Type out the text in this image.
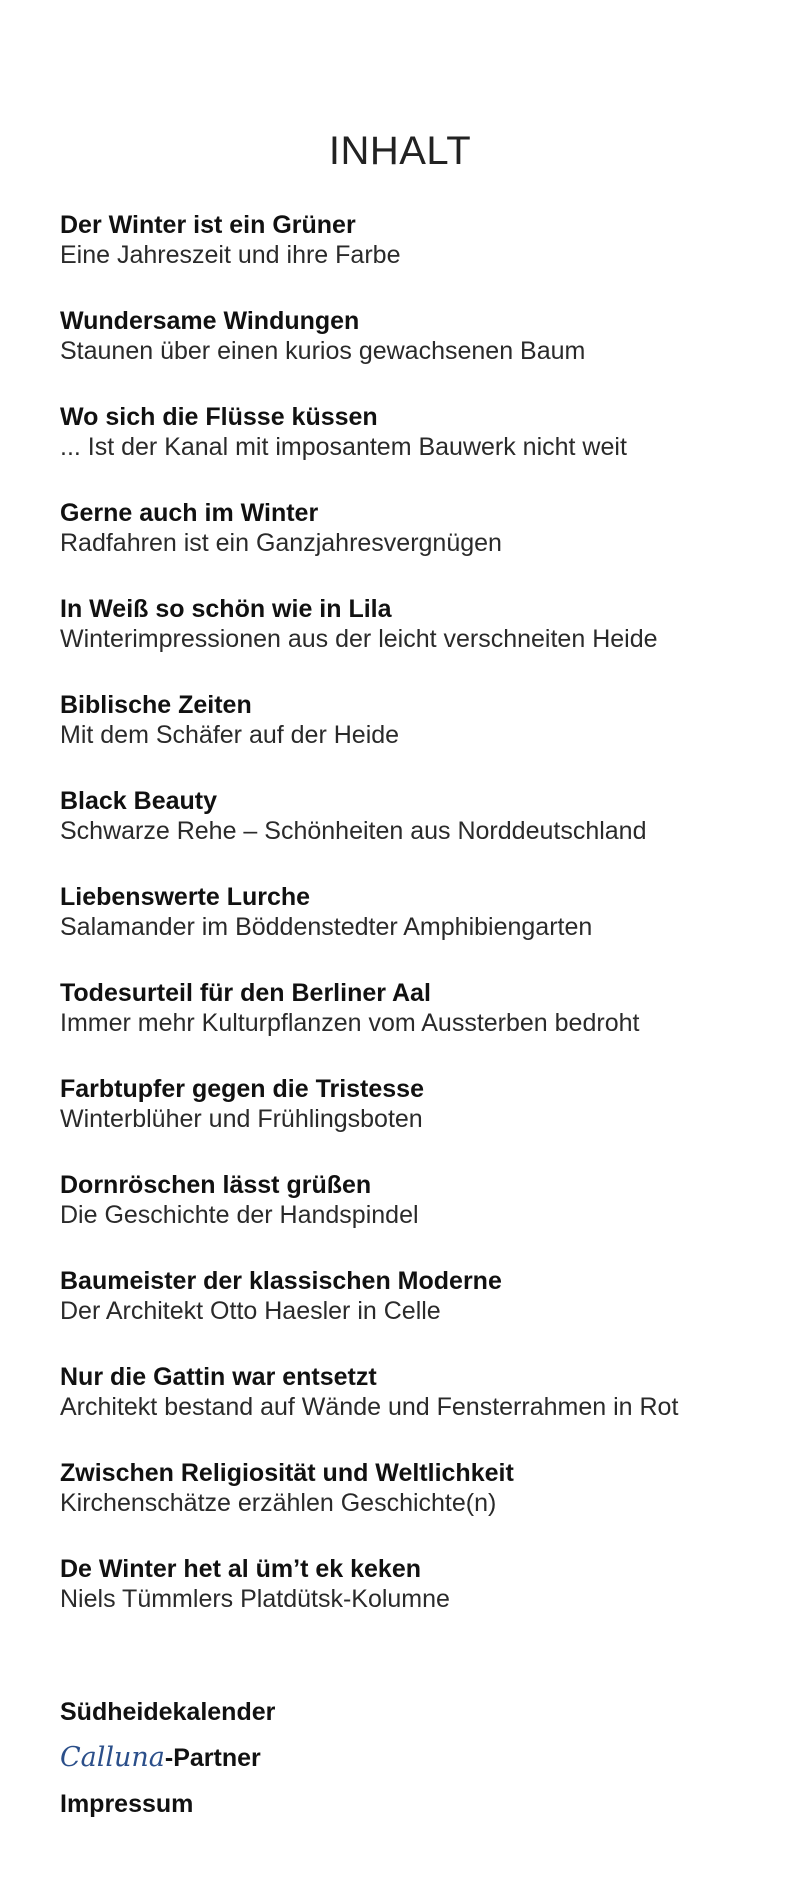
INHALT
Der Winter ist ein Grüner
Eine Jahreszeit und ihre Farbe
Wundersame Windungen
Staunen über einen kurios gewachsenen Baum
Wo sich die Flüsse küssen
... Ist der Kanal mit imposantem Bauwerk nicht weit
Gerne auch im Winter
Radfahren ist ein Ganzjahresvergnügen
In Weiß so schön wie in Lila
Winterimpressionen aus der leicht verschneiten Heide
Biblische Zeiten
Mit dem Schäfer auf der Heide
Black Beauty
Schwarze Rehe – Schönheiten aus Norddeutschland
Liebenswerte Lurche
Salamander im Böddenstedter Amphibiengarten
Todesurteil für den Berliner Aal
Immer mehr Kulturpflanzen vom Aussterben bedroht
Farbtupfer gegen die Tristesse
Winterblüher und Frühlingsboten
Dornröschen lässt grüßen
Die Geschichte der Handspindel
Baumeister der klassischen Moderne
Der Architekt Otto Haesler in Celle
Nur die Gattin war entsetzt
Architekt bestand auf Wände und Fensterrahmen in Rot
Zwischen Religiosität und Weltlichkeit
Kirchenschätze erzählen Geschichte(n)
De Winter het al üm’t ek keken
Niels Tümmlers Platdütsk-Kolumne
Südheidekalender
Calluna-Partner
Impressum
